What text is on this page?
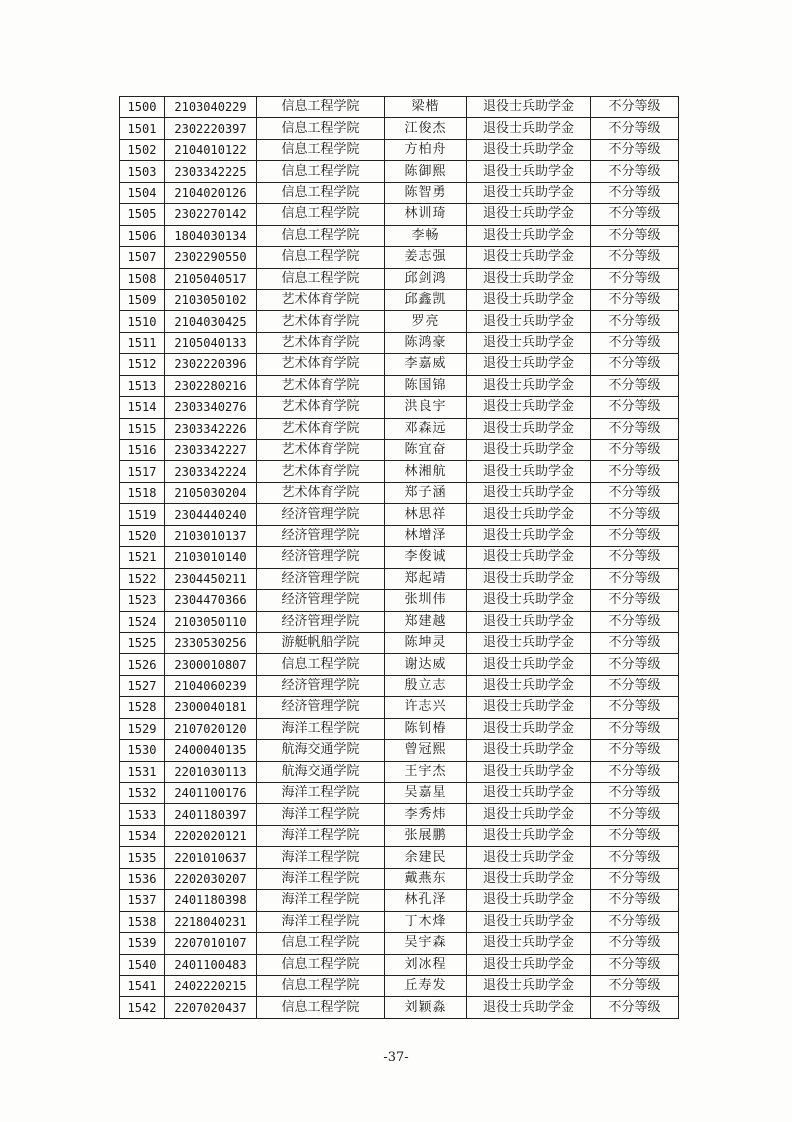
1500	2103040229	信息工程学院	梁楷	退役士兵助学金	不分等级
1501	2302220397	信息工程学院	江俊杰	退役士兵助学金	不分等级
1502	2104010122	信息工程学院	方柏舟	退役士兵助学金	不分等级
1503	2303342225	信息工程学院	陈御熙	退役士兵助学金	不分等级
1504	2104020126	信息工程学院	陈智勇	退役士兵助学金	不分等级
1505	2302270142	信息工程学院	林训琦	退役士兵助学金	不分等级
1506	1804030134	信息工程学院	李畅	退役士兵助学金	不分等级
1507	2302290550	信息工程学院	姜志强	退役士兵助学金	不分等级
1508	2105040517	信息工程学院	邱剑鸿	退役士兵助学金	不分等级
1509	2103050102	艺术体育学院	邱鑫凯	退役士兵助学金	不分等级
1510	2104030425	艺术体育学院	罗亮	退役士兵助学金	不分等级
1511	2105040133	艺术体育学院	陈鸿豪	退役士兵助学金	不分等级
1512	2302220396	艺术体育学院	李嘉威	退役士兵助学金	不分等级
1513	2302280216	艺术体育学院	陈国锦	退役士兵助学金	不分等级
1514	2303340276	艺术体育学院	洪良宇	退役士兵助学金	不分等级
1515	2303342226	艺术体育学院	邓森远	退役士兵助学金	不分等级
1516	2303342227	艺术体育学院	陈宜奋	退役士兵助学金	不分等级
1517	2303342224	艺术体育学院	林湘航	退役士兵助学金	不分等级
1518	2105030204	艺术体育学院	郑子涵	退役士兵助学金	不分等级
1519	2304440240	经济管理学院	林思祥	退役士兵助学金	不分等级
1520	2103010137	经济管理学院	林增泽	退役士兵助学金	不分等级
1521	2103010140	经济管理学院	李俊诚	退役士兵助学金	不分等级
1522	2304450211	经济管理学院	郑起靖	退役士兵助学金	不分等级
1523	2304470366	经济管理学院	张圳伟	退役士兵助学金	不分等级
1524	2103050110	经济管理学院	郑建越	退役士兵助学金	不分等级
1525	2330530256	游艇帆船学院	陈坤灵	退役士兵助学金	不分等级
1526	2300010807	信息工程学院	谢达威	退役士兵助学金	不分等级
1527	2104060239	经济管理学院	殷立志	退役士兵助学金	不分等级
1528	2300040181	经济管理学院	许志兴	退役士兵助学金	不分等级
1529	2107020120	海洋工程学院	陈钊椿	退役士兵助学金	不分等级
1530	2400040135	航海交通学院	曾冠熙	退役士兵助学金	不分等级
1531	2201030113	航海交通学院	王宇杰	退役士兵助学金	不分等级
1532	2401100176	海洋工程学院	吴嘉星	退役士兵助学金	不分等级
1533	2401180397	海洋工程学院	李秀炜	退役士兵助学金	不分等级
1534	2202020121	海洋工程学院	张展鹏	退役士兵助学金	不分等级
1535	2201010637	海洋工程学院	余建民	退役士兵助学金	不分等级
1536	2202030207	海洋工程学院	戴燕东	退役士兵助学金	不分等级
1537	2401180398	海洋工程学院	林孔泽	退役士兵助学金	不分等级
1538	2218040231	海洋工程学院	丁木烽	退役士兵助学金	不分等级
1539	2207010107	信息工程学院	吴宇森	退役士兵助学金	不分等级
1540	2401100483	信息工程学院	刘冰程	退役士兵助学金	不分等级
1541	2402220215	信息工程学院	丘寿发	退役士兵助学金	不分等级
1542	2207020437	信息工程学院	刘颖淼	退役士兵助学金	不分等级
-37-
